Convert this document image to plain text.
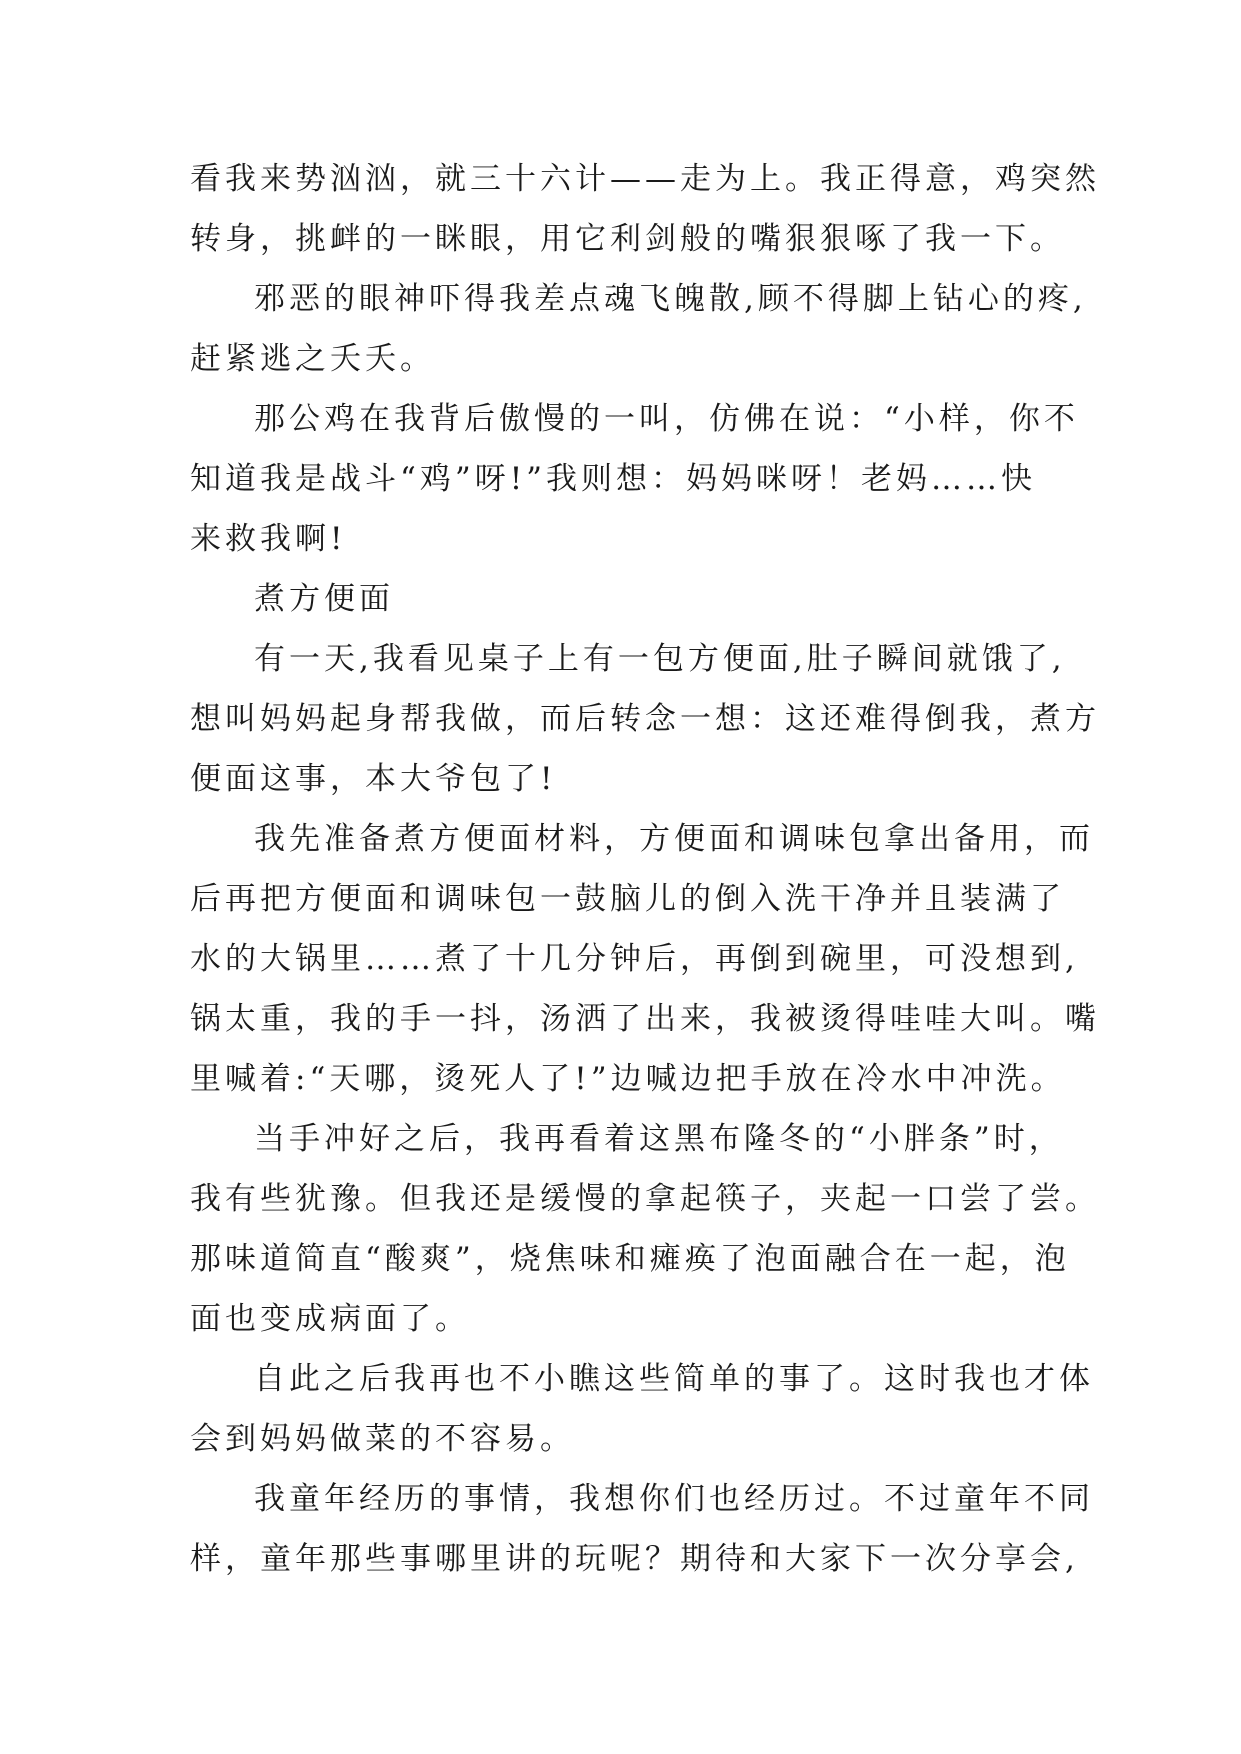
看我来势汹汹，就三十六计——走为上。我正得意，鸡突然
转身，挑衅的一眯眼，用它利剑般的嘴狠狠啄了我一下。
邪恶的眼神吓得我差点魂飞魄散,顾不得脚上钻心的疼,
赶紧逃之夭夭。
那公鸡在我背后傲慢的一叫，仿佛在说：“小样，你不
知道我是战斗“鸡”呀!”我则想：妈妈咪呀！老妈……快
来救我啊!
煮方便面
有一天,我看见桌子上有一包方便面,肚子瞬间就饿了,
想叫妈妈起身帮我做，而后转念一想：这还难得倒我，煮方
便面这事，本大爷包了!
我先准备煮方便面材料，方便面和调味包拿出备用，而
后再把方便面和调味包一鼓脑儿的倒入洗干净并且装满了
水的大锅里……煮了十几分钟后，再倒到碗里，可没想到,
锅太重，我的手一抖，汤洒了出来，我被烫得哇哇大叫。嘴
里喊着:“天哪，烫死人了!”边喊边把手放在冷水中冲洗。
当手冲好之后，我再看着这黑布隆冬的“小胖条”时，
我有些犹豫。但我还是缓慢的拿起筷子，夹起一口尝了尝。
那味道简直“酸爽”，烧焦味和瘫痪了泡面融合在一起，泡
面也变成病面了。
自此之后我再也不小瞧这些简单的事了。这时我也才体
会到妈妈做菜的不容易。
我童年经历的事情，我想你们也经历过。不过童年不同
样，童年那些事哪里讲的玩呢？期待和大家下一次分享会,
